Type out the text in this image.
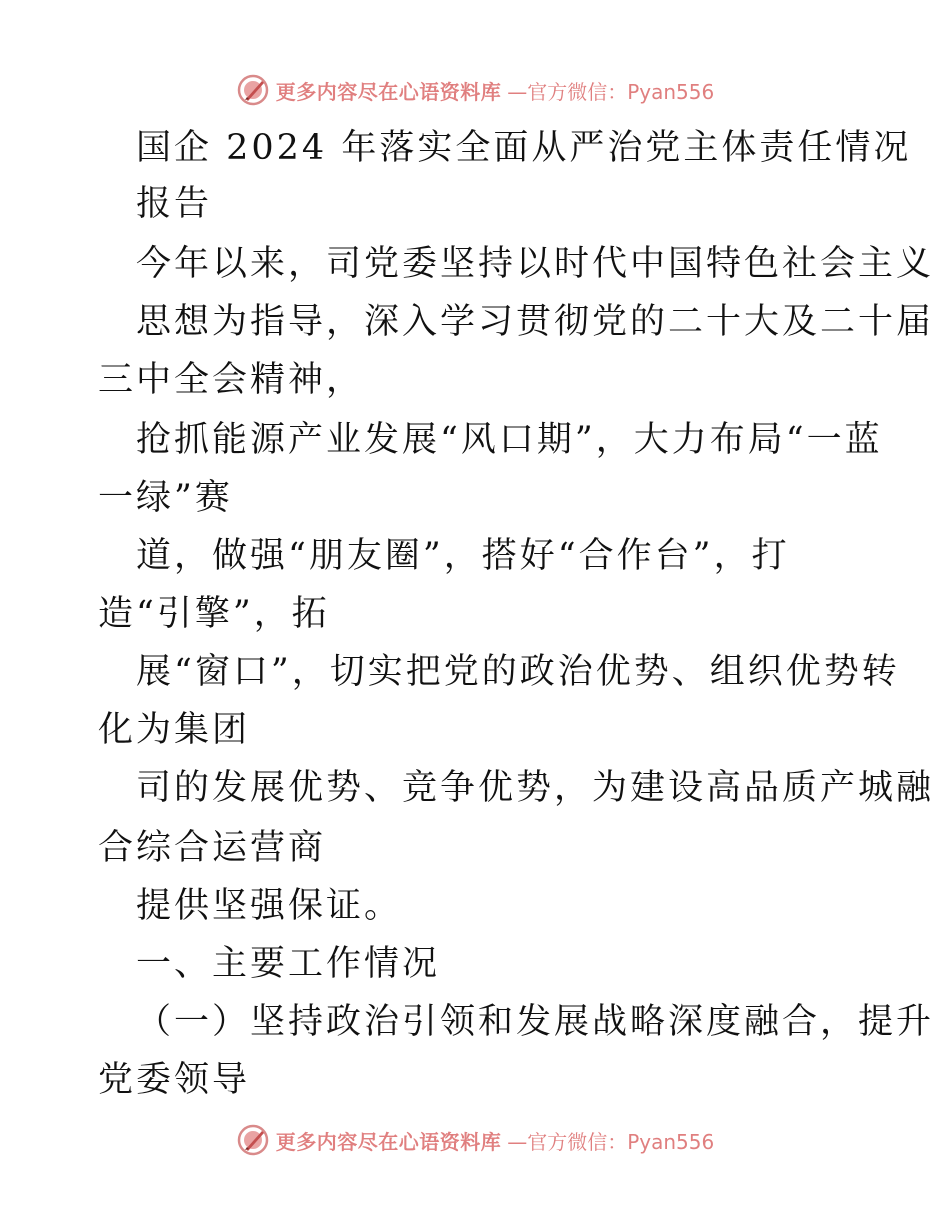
更多内容尽在心语资料库 —官方微信：Pyan556
国企 2024 年落实全面从严治党主体责任情况
报告
今年以来，司党委坚持以时代中国特色社会主义
思想为指导，深入学习贯彻党的二十大及二十届
三中全会精神，
抢抓能源产业发展“风口期”，大力布局“一蓝
一绿”赛
道，做强“朋友圈”，搭好“合作台”，打
造“引擎”，拓
展“窗口”，切实把党的政治优势、组织优势转
化为集团
司的发展优势、竞争优势，为建设高品质产城融
合综合运营商
提供坚强保证。
一、主要工作情况
（一）坚持政治引领和发展战略深度融合，提升
党委领导
更多内容尽在心语资料库 —官方微信：Pyan556
